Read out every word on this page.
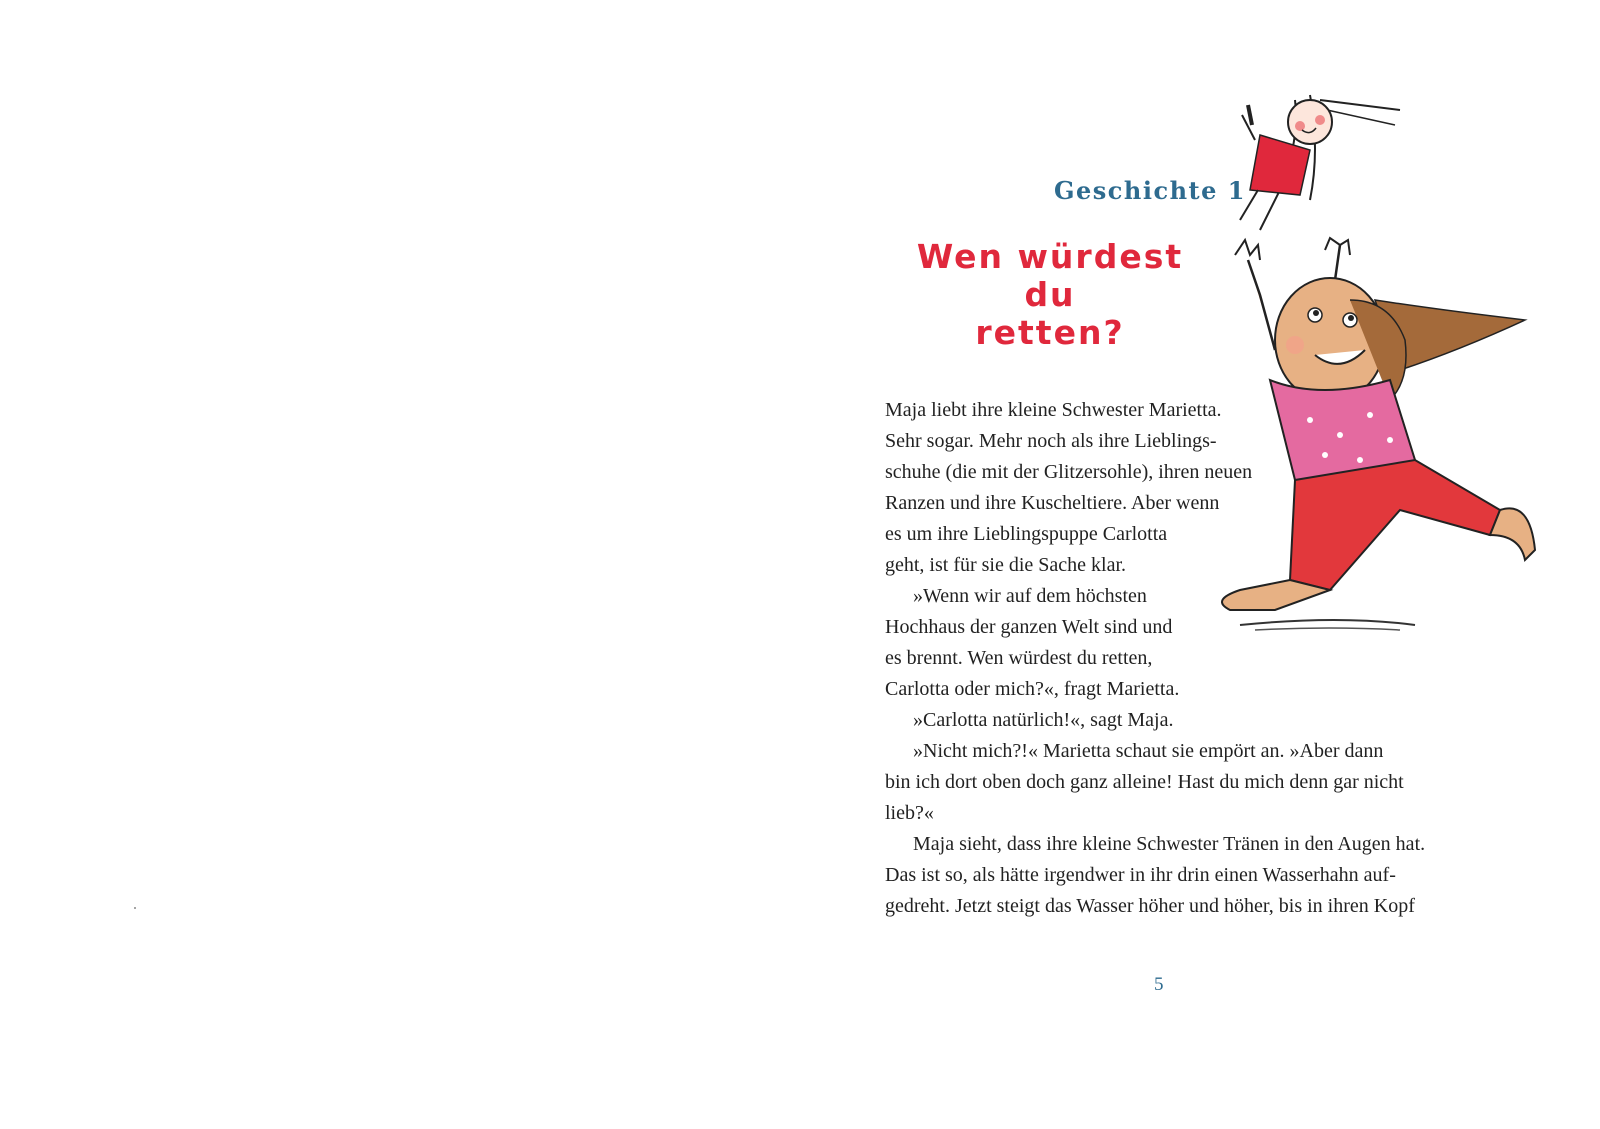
Geschichte 1
Wen würdest du
retten?
Maja liebt ihre kleine Schwester Marietta.
Sehr sogar. Mehr noch als ihre Lieblings-
schuhe (die mit der Glitzersohle), ihren neuen
Ranzen und ihre Kuscheltiere. Aber wenn
es um ihre Lieblingspuppe Carlotta
geht, ist für sie die Sache klar.
»Wenn wir auf dem höchsten
Hochhaus der ganzen Welt sind und
es brennt. Wen würdest du retten,
Carlotta oder mich?«, fragt Marietta.
»Carlotta natürlich!«, sagt Maja.
»Nicht mich?!« Marietta schaut sie empört an. »Aber dann
bin ich dort oben doch ganz alleine! Hast du mich denn gar nicht
lieb?«
Maja sieht, dass ihre kleine Schwester Tränen in den Augen hat.
Das ist so, als hätte irgendwer in ihr drin einen Wasserhahn auf-
gedreht. Jetzt steigt das Wasser höher und höher, bis in ihren Kopf
5
